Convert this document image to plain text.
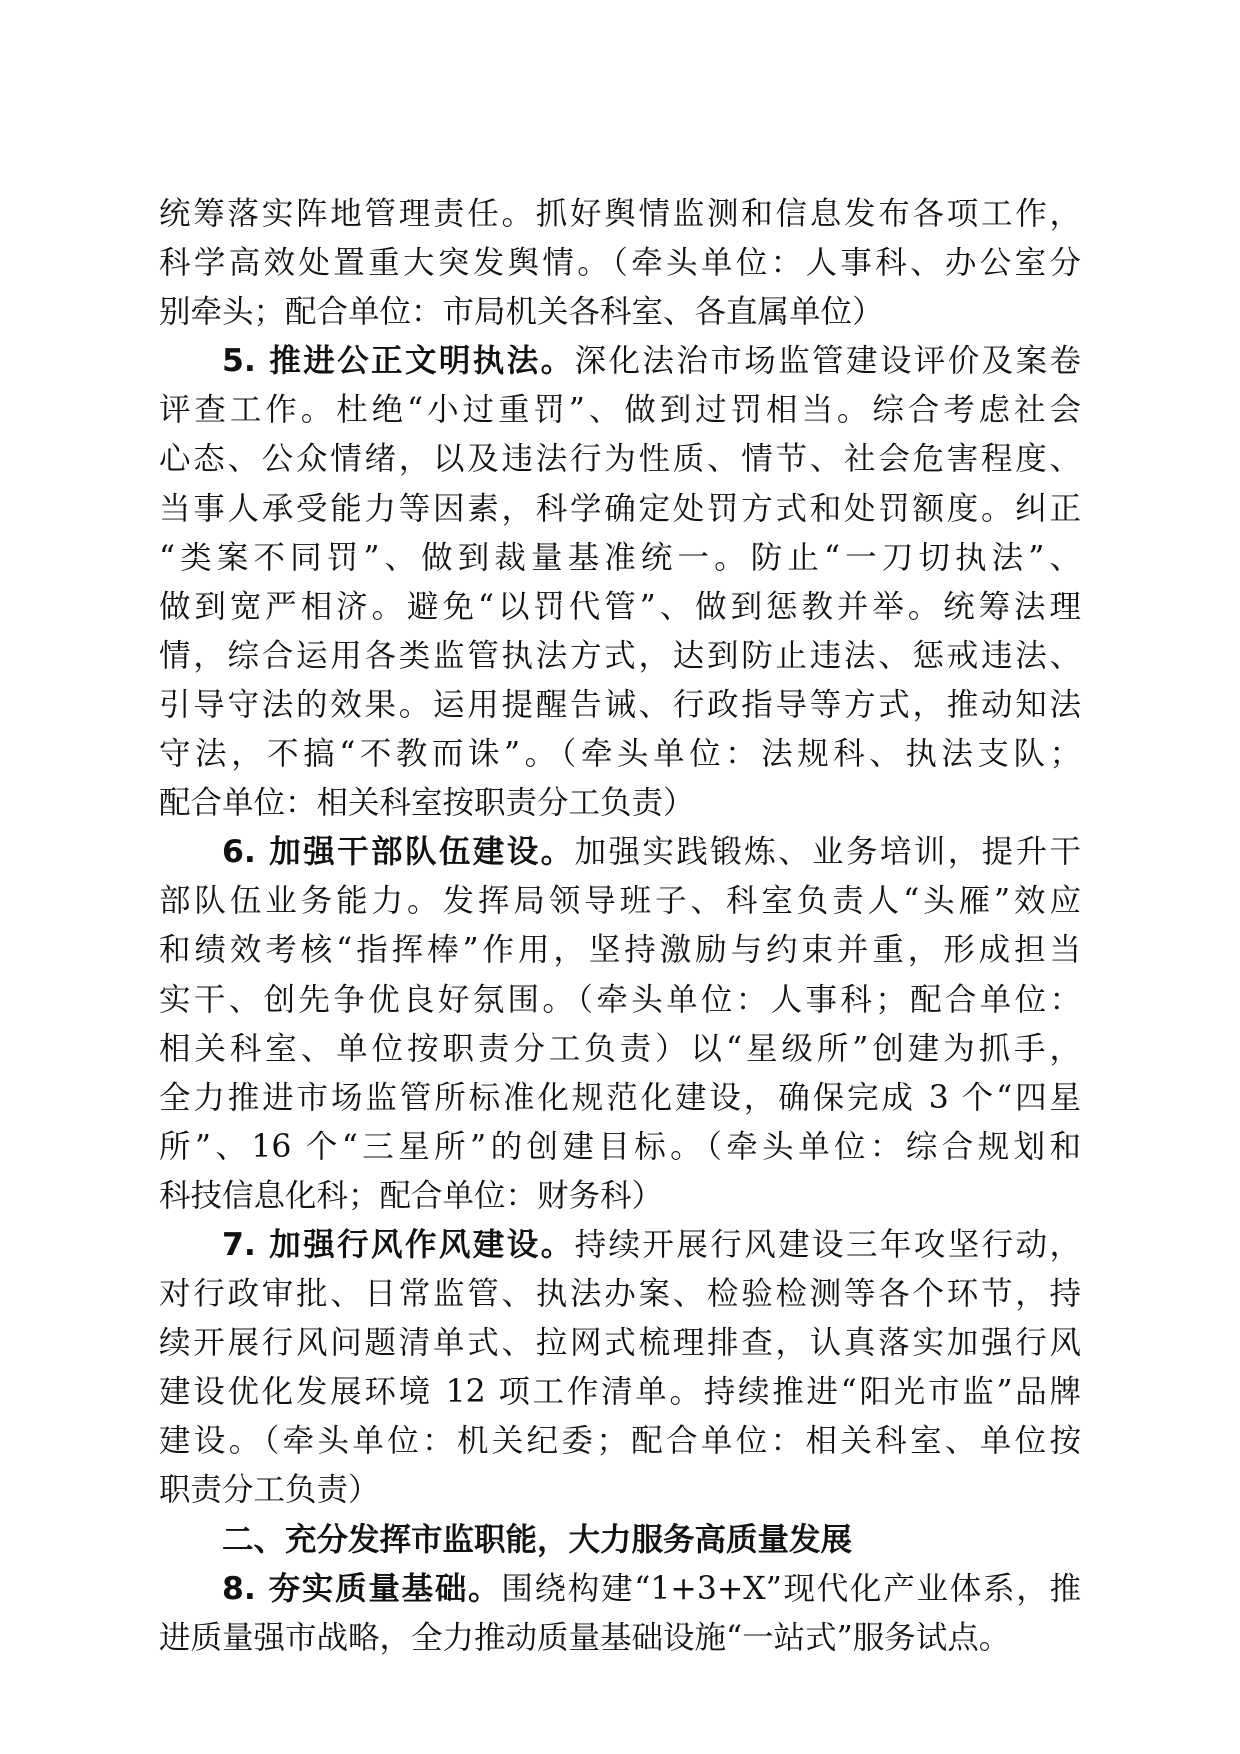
统筹落实阵地管理责任。抓好舆情监测和信息发布各项工作，
科学高效处置重大突发舆情。（牵头单位：人事科、办公室分
别牵头；配合单位：市局机关各科室、各直属单位）
5. 推进公正文明执法。深化法治市场监管建设评价及案卷
评查工作。杜绝“小过重罚”、做到过罚相当。综合考虑社会
心态、公众情绪，以及违法行为性质、情节、社会危害程度、
当事人承受能力等因素，科学确定处罚方式和处罚额度。纠正
“类案不同罚”、做到裁量基准统一。防止“一刀切执法”、
做到宽严相济。避免“以罚代管”、做到惩教并举。统筹法理
情，综合运用各类监管执法方式，达到防止违法、惩戒违法、
引导守法的效果。运用提醒告诫、行政指导等方式，推动知法
守法，不搞“不教而诛”。（牵头单位：法规科、执法支队；
配合单位：相关科室按职责分工负责）
6. 加强干部队伍建设。加强实践锻炼、业务培训，提升干
部队伍业务能力。发挥局领导班子、科室负责人“头雁”效应
和绩效考核“指挥棒”作用，坚持激励与约束并重，形成担当
实干、创先争优良好氛围。（牵头单位：人事科；配合单位：
相关科室、单位按职责分工负责）以“星级所”创建为抓手，
全力推进市场监管所标准化规范化建设，确保完成 3 个“四星
所”、16 个“三星所”的创建目标。（牵头单位：综合规划和
科技信息化科；配合单位：财务科）
7. 加强行风作风建设。持续开展行风建设三年攻坚行动，
对行政审批、日常监管、执法办案、检验检测等各个环节，持
续开展行风问题清单式、拉网式梳理排查，认真落实加强行风
建设优化发展环境 12 项工作清单。持续推进“阳光市监”品牌
建设。（牵头单位：机关纪委；配合单位：相关科室、单位按
职责分工负责）
二、充分发挥市监职能，大力服务高质量发展
8. 夯实质量基础。围绕构建“1+3+X”现代化产业体系，推
进质量强市战略，全力推动质量基础设施“一站式”服务试点。
